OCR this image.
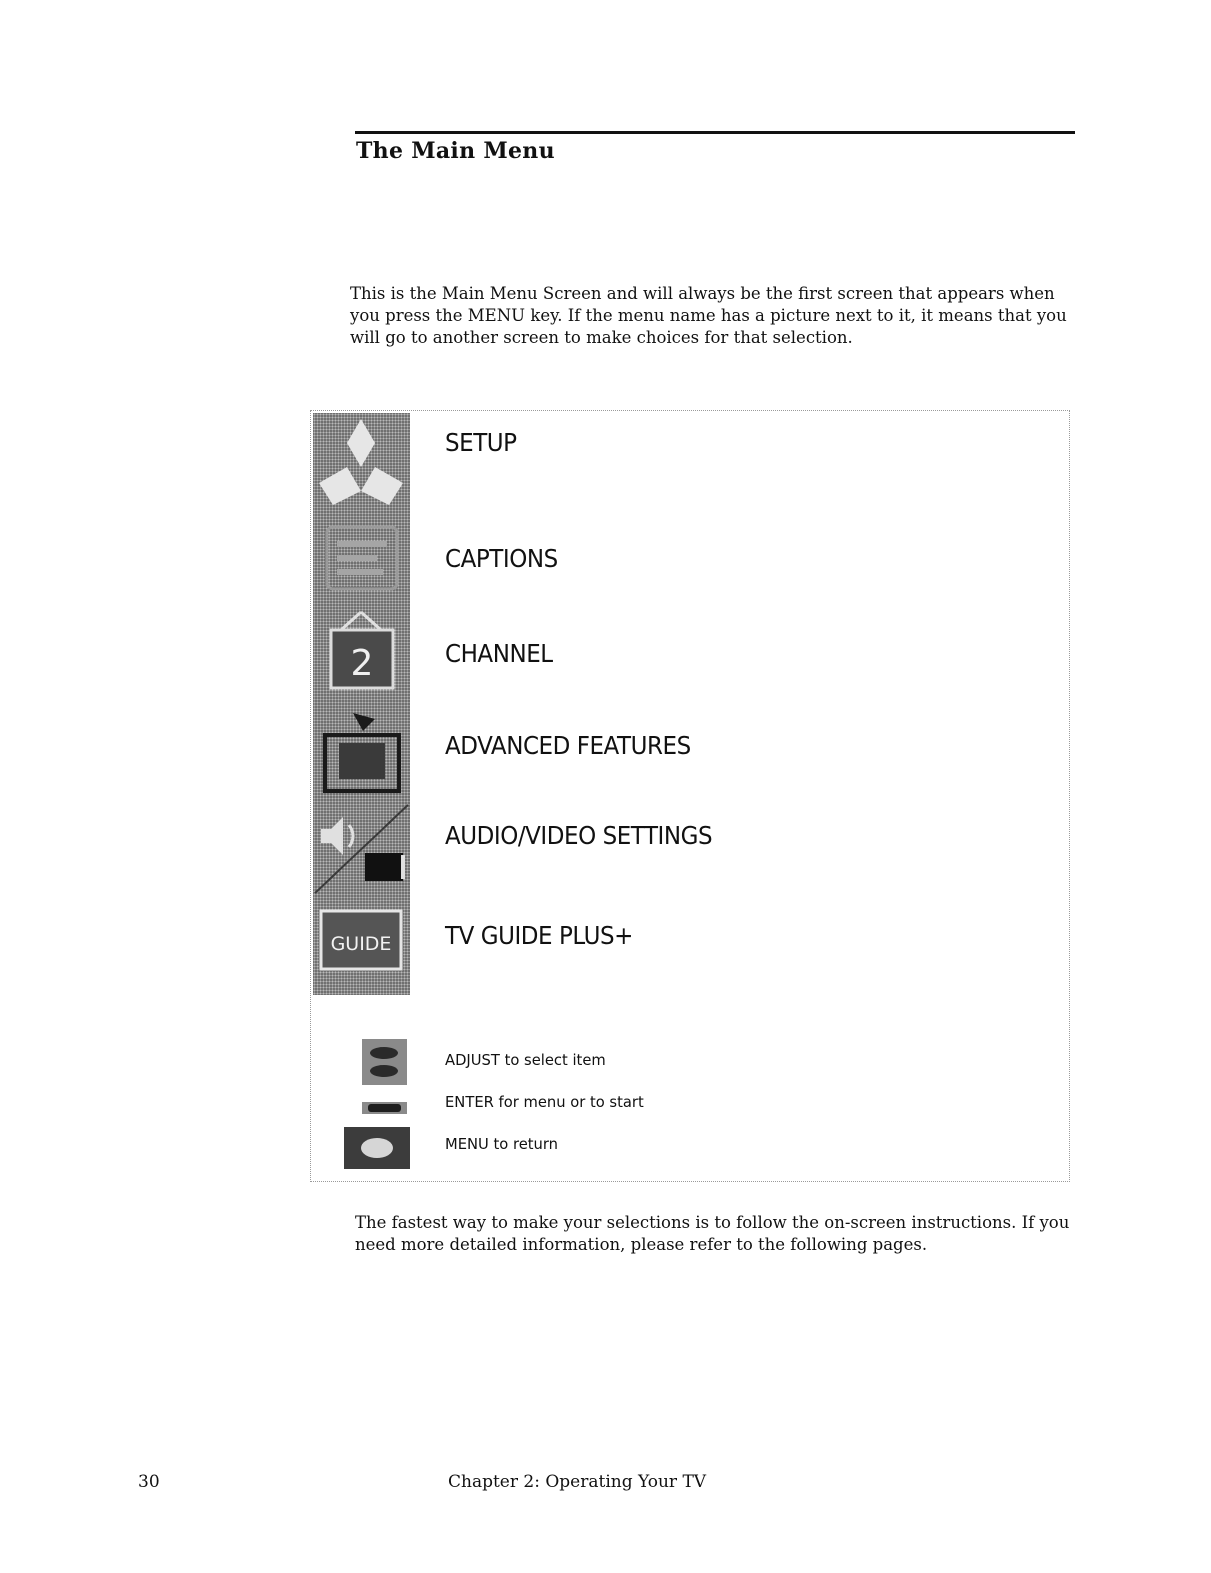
The Main Menu

This is the Main Menu Screen and will always be the first screen that appears when you press the MENU key. If the menu name has a picture next to it, it means that you will go to another screen to make choices for that selection.

2
GUIDE

SETUP

CAPTIONS

CHANNEL

ADVANCED FEATURES

AUDIO/VIDEO SETTINGS

TV GUIDE PLUS+

ADJUST to select item

ENTER for menu or to start

MENU to return

The fastest way to make your selections is to follow the on-screen instructions. If you need more detailed information, please refer to the following pages.

30	Chapter 2: Operating Your TV
